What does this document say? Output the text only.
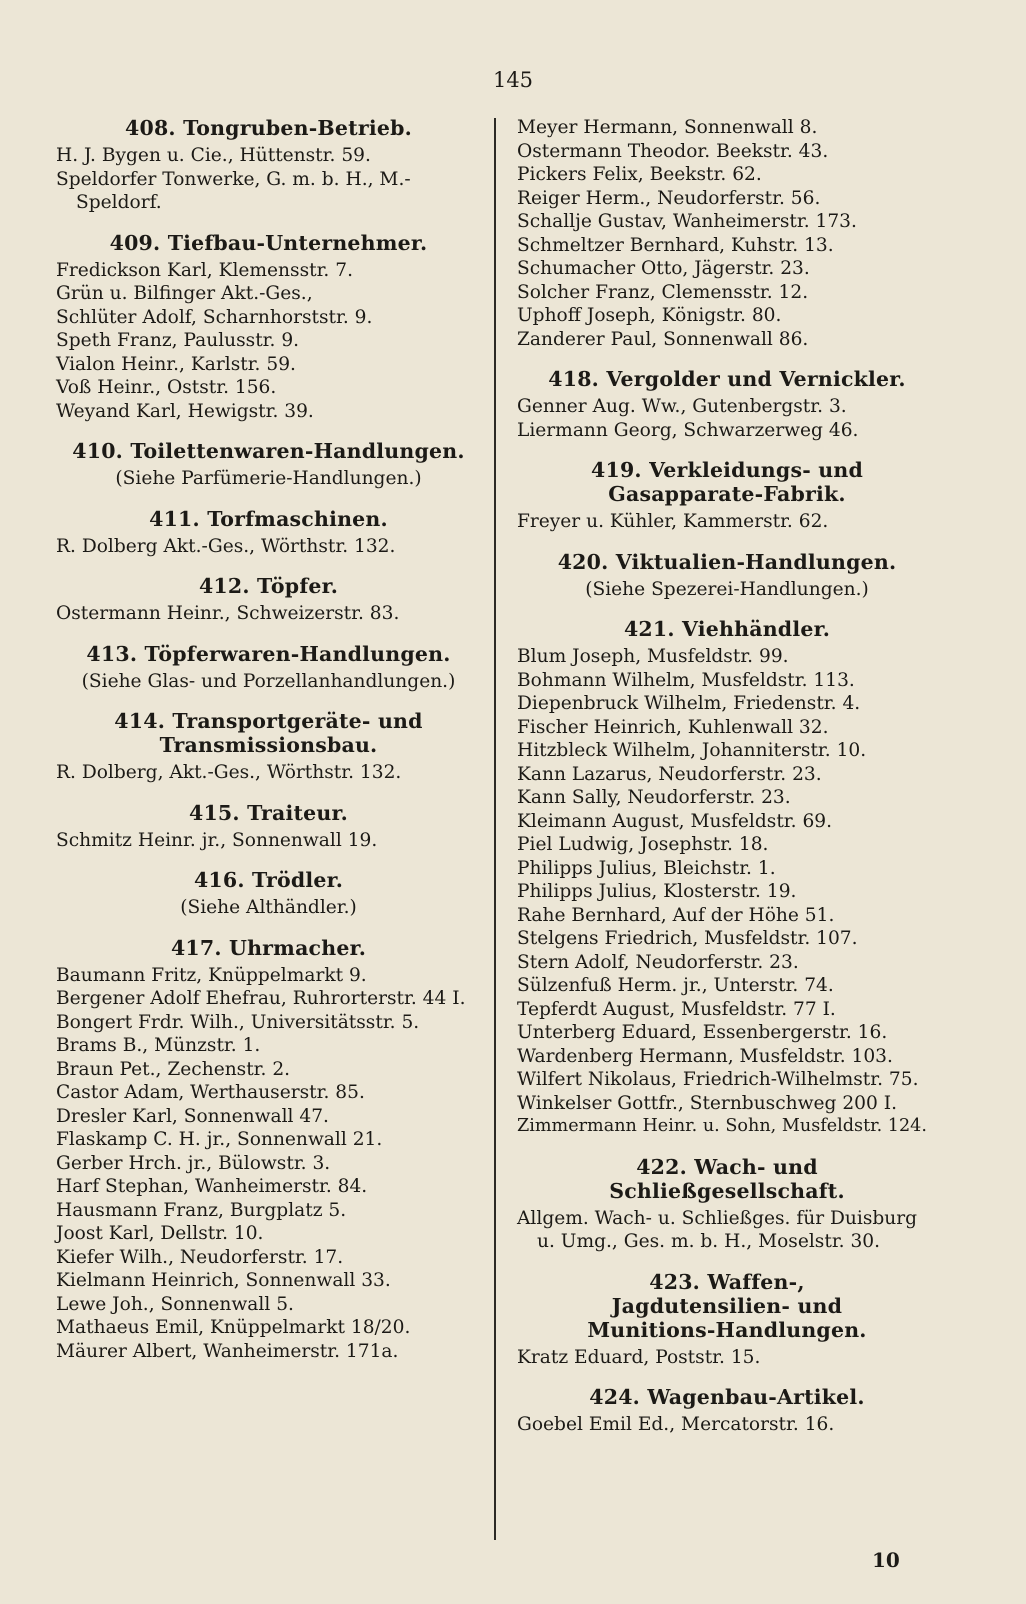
145
408. Tongruben-Betrieb.

H. J. Bygen u. Cie., Hüttenstr. 59.

Speldorfer Tonwerke, G. m. b. H., M.-Speldorf.

409. Tiefbau-Unternehmer.

Fredickson Karl, Klemensstr. 7.

Grün u. Bilfinger Akt.-Ges.,

Schlüter Adolf, Scharnhorststr. 9.

Speth Franz, Paulusstr. 9.

Vialon Heinr., Karlstr. 59.

Voß Heinr., Oststr. 156.

Weyand Karl, Hewigstr. 39.

410. Toilettenwaren-Handlungen.

(Siehe Parfümerie-Handlungen.)

411. Torfmaschinen.

R. Dolberg Akt.-Ges., Wörthstr. 132.

412. Töpfer.

Ostermann Heinr., Schweizerstr. 83.

413. Töpferwaren-Handlungen.

(Siehe Glas- und Porzellanhandlungen.)

414. Transportgeräte- und Transmissionsbau.

R. Dolberg, Akt.-Ges., Wörthstr. 132.

415. Traiteur.

Schmitz Heinr. jr., Sonnenwall 19.

416. Trödler.

(Siehe Althändler.)

417. Uhrmacher.

Baumann Fritz, Knüppelmarkt 9.

Bergener Adolf Ehefrau, Ruhrorterstr. 44 I.

Bongert Frdr. Wilh., Universitätsstr. 5.

Brams B., Münzstr. 1.

Braun Pet., Zechenstr. 2.

Castor Adam, Werthauserstr. 85.

Dresler Karl, Sonnenwall 47.

Flaskamp C. H. jr., Sonnenwall 21.

Gerber Hrch. jr., Bülowstr. 3.

Harf Stephan, Wanheimerstr. 84.

Hausmann Franz, Burgplatz 5.

Joost Karl, Dellstr. 10.

Kiefer Wilh., Neudorferstr. 17.

Kielmann Heinrich, Sonnenwall 33.

Lewe Joh., Sonnenwall 5.

Mathaeus Emil, Knüppelmarkt 18/20.

Mäurer Albert, Wanheimerstr. 171a.

Meyer Hermann, Sonnenwall 8.

Ostermann Theodor. Beekstr. 43.

Pickers Felix, Beekstr. 62.

Reiger Herm., Neudorferstr. 56.

Schallje Gustav, Wanheimerstr. 173.

Schmeltzer Bernhard, Kuhstr. 13.

Schumacher Otto, Jägerstr. 23.

Solcher Franz, Clemensstr. 12.

Uphoff Joseph, Königstr. 80.

Zanderer Paul, Sonnenwall 86.

418. Vergolder und Vernickler.

Genner Aug. Ww., Gutenbergstr. 3.

Liermann Georg, Schwarzerweg 46.

419. Verkleidungs- und Gasapparate-Fabrik.

Freyer u. Kühler, Kammerstr. 62.

420. Viktualien-Handlungen.

(Siehe Spezerei-Handlungen.)

421. Viehhändler.

Blum Joseph, Musfeldstr. 99.

Bohmann Wilhelm, Musfeldstr. 113.

Diepenbruck Wilhelm, Friedenstr. 4.

Fischer Heinrich, Kuhlenwall 32.

Hitzbleck Wilhelm, Johanniterstr. 10.

Kann Lazarus, Neudorferstr. 23.

Kann Sally, Neudorferstr. 23.

Kleimann August, Musfeldstr. 69.

Piel Ludwig, Josephstr. 18.

Philipps Julius, Bleichstr. 1.

Philipps Julius, Klosterstr. 19.

Rahe Bernhard, Auf der Höhe 51.

Stelgens Friedrich, Musfeldstr. 107.

Stern Adolf, Neudorferstr. 23.

Sülzenfuß Herm. jr., Unterstr. 74.

Tepferdt August, Musfeldstr. 77 I.

Unterberg Eduard, Essenbergerstr. 16.

Wardenberg Hermann, Musfeldstr. 103.

Wilfert Nikolaus, Friedrich-Wilhelmstr. 75.

Winkelser Gottfr., Sternbuschweg 200 I.

Zimmermann Heinr. u. Sohn, Musfeldstr. 124.

422. Wach- und Schließgesellschaft.

Allgem. Wach- u. Schließges. für Duisburg u. Umg., Ges. m. b. H., Moselstr. 30.

423. Waffen-, Jagdutensilien- und Munitions-Handlungen.

Kratz Eduard, Poststr. 15.

424. Wagenbau-Artikel.

Goebel Emil Ed., Mercatorstr. 16.

10
